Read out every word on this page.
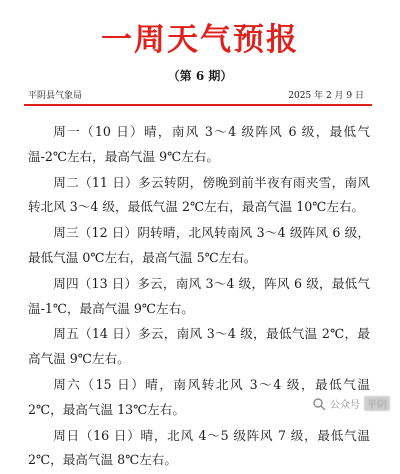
一周天气预报
（第 6 期）
平阴县气象局	2025 年 2 月 9 日

周一（10 日）晴，南风 3～4 级阵风 6 级，最低气温-2℃左右，最高气温 9℃左右。

周二（11 日）多云转阴，傍晚到前半夜有雨夹雪，南风转北风 3～4 级，最低气温 2℃左右，最高气温 10℃左右。

周三（12 日）阴转晴，北风转南风 3～4 级阵风 6 级，最低气温 0℃左右，最高气温 5℃左右。

周四（13 日）多云，南风 3～4 级，阵风 6 级，最低气温-1℃，最高气温 9℃左右。

周五（14 日）多云，南风 3～4 级，最低气温 2℃，最高气温 9℃左右。

周六（15 日）晴，南风转北风 3～4 级，最低气温 2℃，最高气温 13℃左右。

周日（16 日）晴，北风 4～5 级阵风 7 级，最低气温 2℃，最高气温 8℃左右。

公众号 平阴
